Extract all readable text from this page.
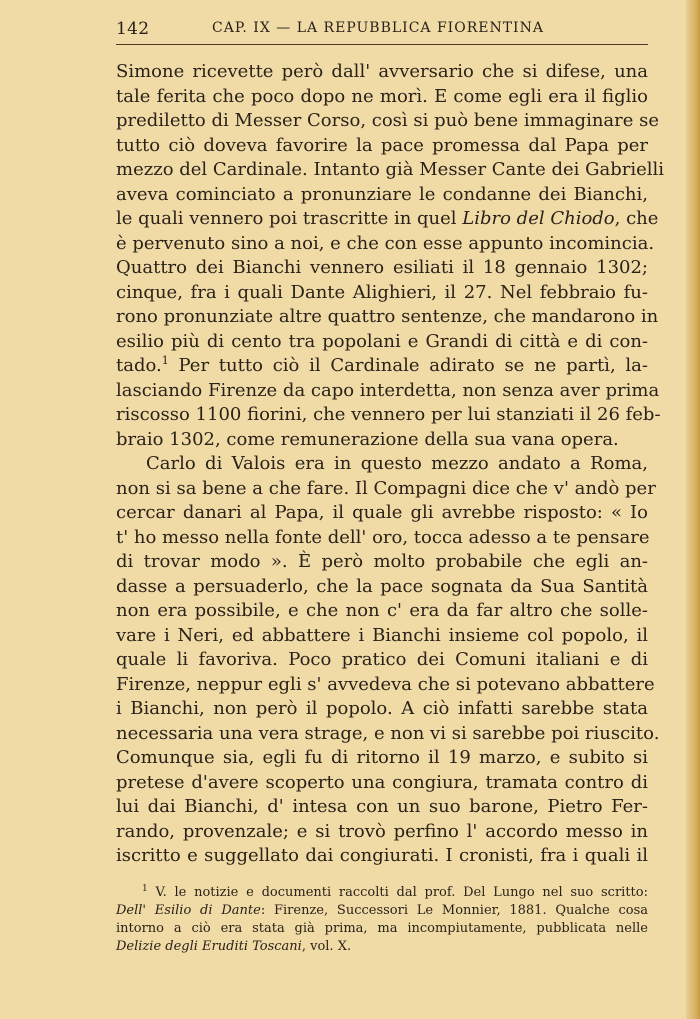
142	CAP. IX — LA REPUBBLICA FIORENTINA
Simone ricevette però dall' avversario che si difese, una
tale ferita che poco dopo ne morì. E come egli era il figlio
prediletto di Messer Corso, così si può bene immaginare se
tutto ciò doveva favorire la pace promessa dal Papa per
mezzo del Cardinale. Intanto già Messer Cante dei Gabrielli
aveva cominciato a pronunziare le condanne dei Bianchi,
le quali vennero poi trascritte in quel Libro del Chiodo, che
è pervenuto sino a noi, e che con esse appunto incomincia.
Quattro dei Bianchi vennero esiliati il 18 gennaio 1302;
cinque, fra i quali Dante Alighieri, il 27. Nel febbraio fu-
rono pronunziate altre quattro sentenze, che mandarono in
esilio più di cento tra popolani e Grandi di città e di con-
tado.$^1$ Per tutto ciò il Cardinale adirato se ne partì, la-
lasciando Firenze da capo interdetta, non senza aver prima
riscosso 1100 fiorini, che vennero per lui stanziati il 26 feb-
braio 1302, come remunerazione della sua vana opera.
Carlo di Valois era in questo mezzo andato a Roma,
non si sa bene a che fare. Il Compagni dice che v' andò per
cercar danari al Papa, il quale gli avrebbe risposto: « Io
t' ho messo nella fonte dell' oro, tocca adesso a te pensare
di trovar modo ». È però molto probabile che egli an-
dasse a persuaderlo, che la pace sognata da Sua Santità
non era possibile, e che non c' era da far altro che solle-
vare i Neri, ed abbattere i Bianchi insieme col popolo, il
quale li favoriva. Poco pratico dei Comuni italiani e di
Firenze, neppur egli s' avvedeva che si potevano abbattere
i Bianchi, non però il popolo. A ciò infatti sarebbe stata
necessaria una vera strage, e non vi si sarebbe poi riuscito.
Comunque sia, egli fu di ritorno il 19 marzo, e subito si
pretese d'avere scoperto una congiura, tramata contro di
lui dai Bianchi, d' intesa con un suo barone, Pietro Fer-
rando, provenzale; e si trovò perfino l' accordo messo in
iscritto e suggellato dai congiurati. I cronisti, fra i quali il
$^1$ V. le notizie e documenti raccolti dal prof. Del Lungo nel suo scritto:
Dell' Esilio di Dante: Firenze, Successori Le Monnier, 1881. Qualche cosa
intorno a ciò era stata già prima, ma incompiutamente, pubblicata nelle
Delizie degli Eruditi Toscani, vol. X.
